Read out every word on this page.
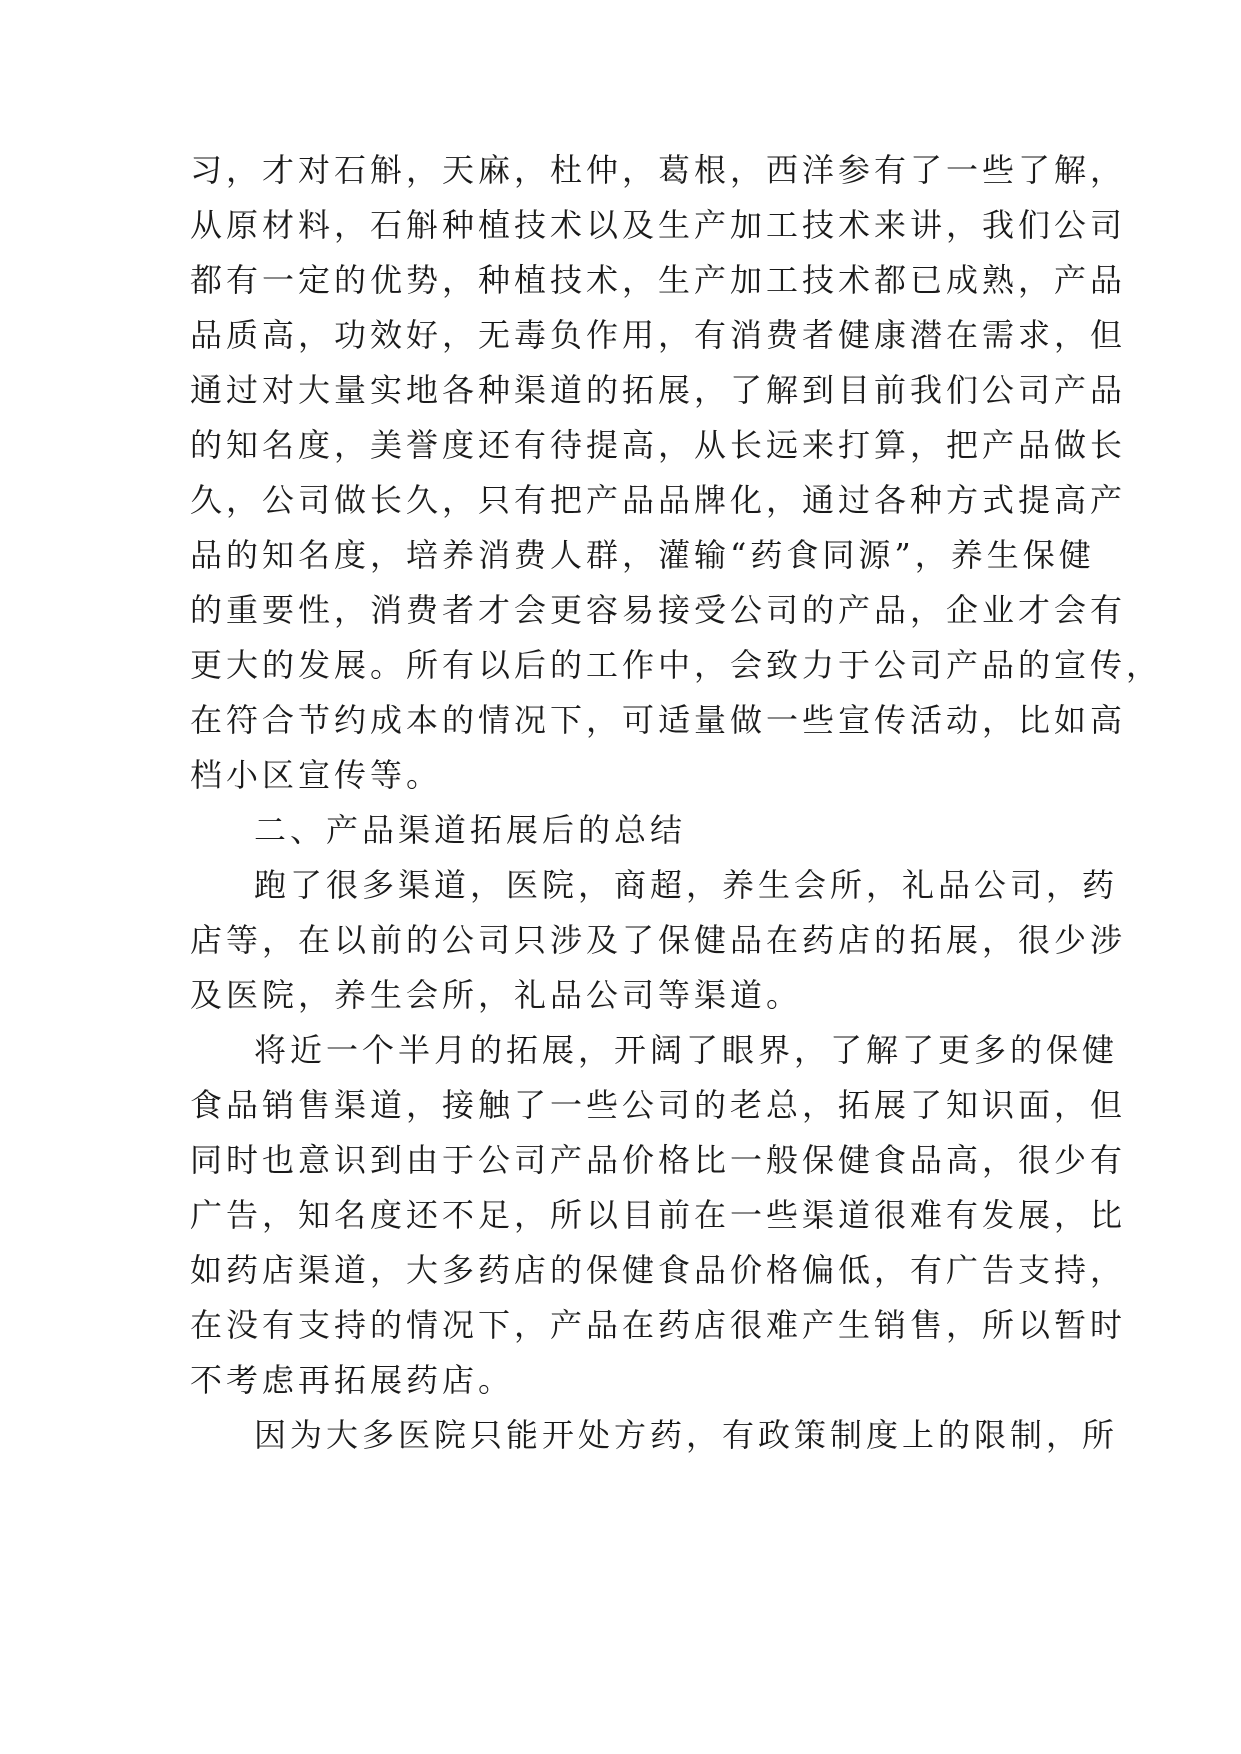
习，才对石斛，天麻，杜仲，葛根，西洋参有了一些了解，
从原材料，石斛种植技术以及生产加工技术来讲，我们公司
都有一定的优势，种植技术，生产加工技术都已成熟，产品
品质高，功效好，无毒负作用，有消费者健康潜在需求，但
通过对大量实地各种渠道的拓展，了解到目前我们公司产品
的知名度，美誉度还有待提高，从长远来打算，把产品做长
久，公司做长久，只有把产品品牌化，通过各种方式提高产
品的知名度，培养消费人群，灌输“药食同源”，养生保健
的重要性，消费者才会更容易接受公司的产品，企业才会有
更大的发展。所有以后的工作中，会致力于公司产品的宣传，
在符合节约成本的情况下，可适量做一些宣传活动，比如高
档小区宣传等。
二、产品渠道拓展后的总结
跑了很多渠道，医院，商超，养生会所，礼品公司，药
店等，在以前的公司只涉及了保健品在药店的拓展，很少涉
及医院，养生会所，礼品公司等渠道。
将近一个半月的拓展，开阔了眼界，了解了更多的保健
食品销售渠道，接触了一些公司的老总，拓展了知识面，但
同时也意识到由于公司产品价格比一般保健食品高，很少有
广告，知名度还不足，所以目前在一些渠道很难有发展，比
如药店渠道，大多药店的保健食品价格偏低，有广告支持，
在没有支持的情况下，产品在药店很难产生销售，所以暂时
不考虑再拓展药店。
因为大多医院只能开处方药，有政策制度上的限制，所
